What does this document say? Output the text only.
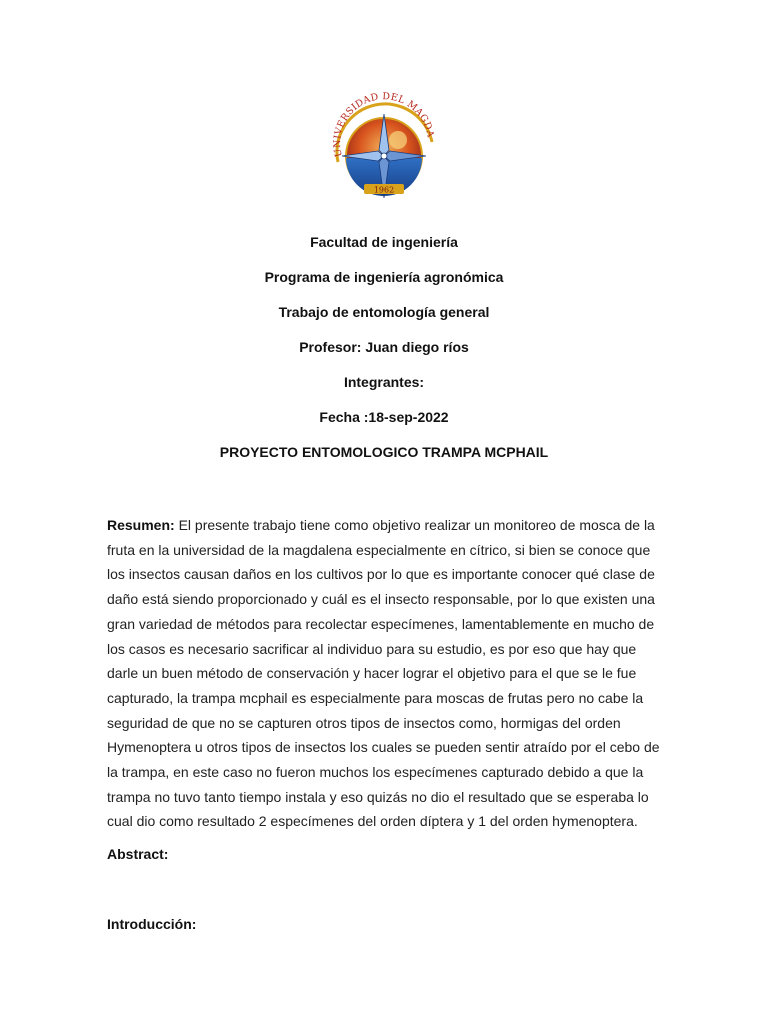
UNIVERSIDAD DEL MAGDA
1962
Facultad de ingeniería
Programa de ingeniería agronómica
Trabajo de entomología general
Profesor: Juan diego ríos
Integrantes:
Fecha :18-sep-2022
PROYECTO ENTOMOLOGICO TRAMPA MCPHAIL

Resumen: El presente trabajo tiene como objetivo realizar un monitoreo de mosca de la fruta en la universidad de la magdalena especialmente en cítrico, si bien se conoce que los insectos causan daños en los cultivos por lo que es importante conocer qué clase de daño está siendo proporcionado y cuál es el insecto responsable, por lo que existen una gran variedad de métodos para recolectar especímenes, lamentablemente en mucho de los casos es necesario sacrificar al individuo para su estudio, es por eso que hay que darle un buen método de conservación y hacer lograr el objetivo para el que se le fue capturado, la trampa mcphail es especialmente para moscas de frutas pero no cabe la seguridad de que no se capturen otros tipos de insectos como, hormigas del orden Hymenoptera u otros tipos de insectos los cuales se pueden sentir atraído por el cebo de la trampa, en este caso no fueron muchos los especímenes capturado debido a que la trampa no tuvo tanto tiempo instala y eso quizás no dio el resultado que se esperaba lo cual dio como resultado 2 especímenes del orden díptera y 1 del orden hymenoptera.

Abstract:
Introducción:
